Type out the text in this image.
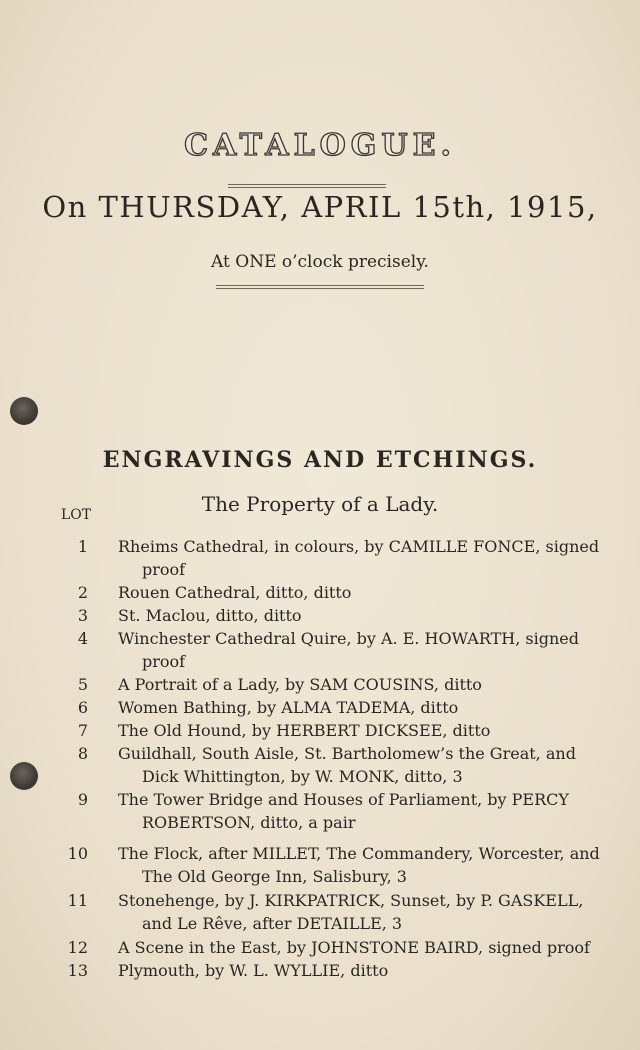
CATALOGUE.
On THURSDAY, APRIL 15th, 1915,
At ONE o’clock precisely.
ENGRAVINGS AND ETCHINGS.
The Property of a Lady.
LOT
1 Rheims Cathedral, in colours, by CAMILLE FONCE, signed
proof
2 Rouen Cathedral, ditto, ditto
3 St. Maclou, ditto, ditto
4 Winchester Cathedral Quire, by A. E. HOWARTH, signed
proof
5 A Portrait of a Lady, by SAM COUSINS, ditto
6 Women Bathing, by ALMA TADEMA, ditto
7 The Old Hound, by HERBERT DICKSEE, ditto
8 Guildhall, South Aisle, St. Bartholomew’s the Great, and
Dick Whittington, by W. MONK, ditto, 3
9 The Tower Bridge and Houses of Parliament, by PERCY
ROBERTSON, ditto, a pair
10 The Flock, after MILLET, The Commandery, Worcester, and
The Old George Inn, Salisbury, 3
11 Stonehenge, by J. KIRKPATRICK, Sunset, by P. GASKELL,
and Le Rêve, after DETAILLE, 3
12 A Scene in the East, by JOHNSTONE BAIRD, signed proof
13 Plymouth, by W. L. WYLLIE, ditto
